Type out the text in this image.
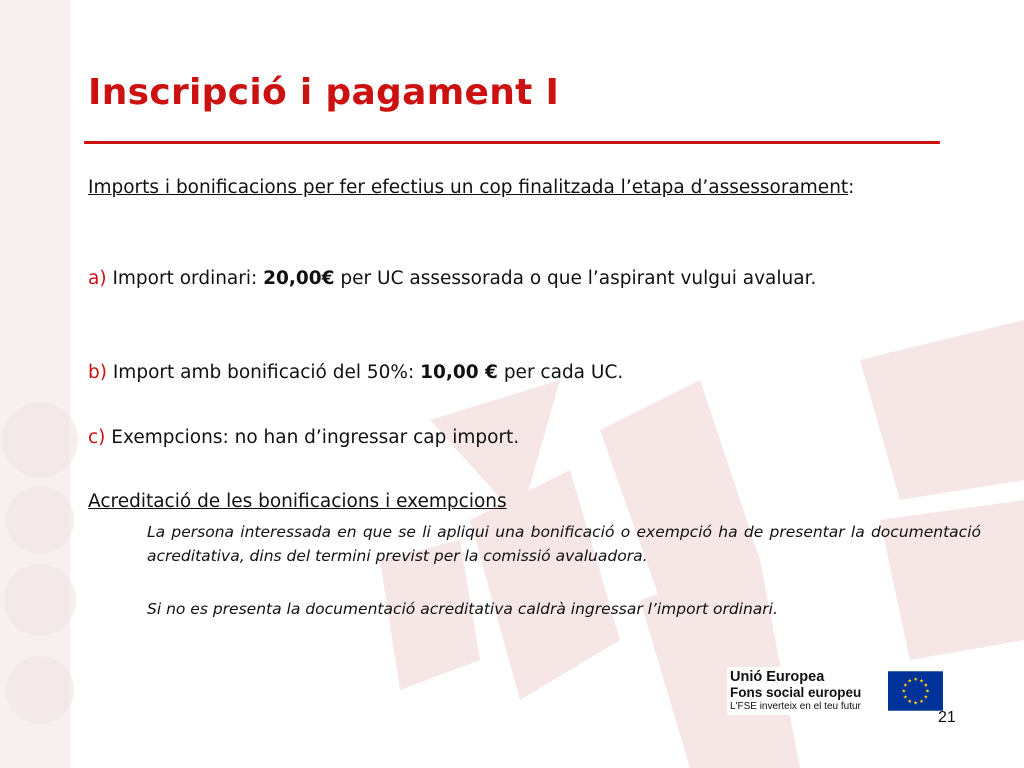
Inscripció i pagament I

Imports i bonificacions per fer efectius un cop finalitzada l’etapa d’assessorament:

a) Import ordinari: 20,00€ per UC assessorada o que l’aspirant vulgui avaluar.

b) Import amb bonificació del 50%: 10,00 € per cada UC.

c) Exempcions: no han d’ingressar cap import.

Acreditació de les bonificacions i exempcions

La persona interessada en que se li apliqui una bonificació o exempció ha de presentar la documentació acreditativa, dins del termini previst per la comissió avaluadora.

Si no es presenta la documentació acreditativa caldrà ingressar l’import ordinari.

Unió Europea
Fons social europeu
L'FSE inverteix en el teu futur
21
